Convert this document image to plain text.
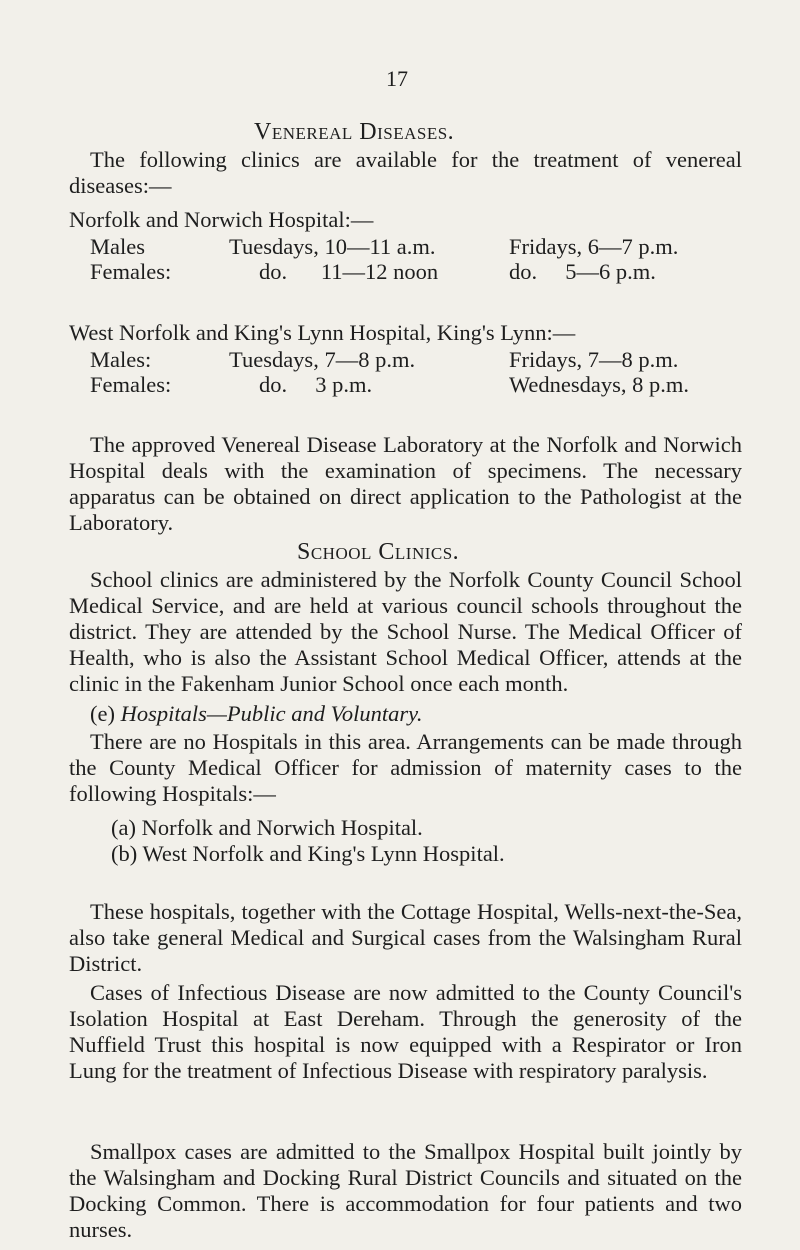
17
Venereal Diseases.
The following clinics are available for the treatment of venereal diseases:—
Norfolk and Norwich Hospital:—
Males	Tuesdays, 10—11 a.m.	Fridays, 6—7 p.m.
Females:	do.      11—12 noon	do.     5—6 p.m.
West Norfolk and King's Lynn Hospital, King's Lynn:—
Males:	Tuesdays, 7—8 p.m.	Fridays, 7—8 p.m.
Females:	do.     3 p.m.	Wednesdays, 8 p.m.
The approved Venereal Disease Laboratory at the Norfolk and Norwich Hospital deals with the examination of specimens. The necessary apparatus can be obtained on direct application to the Pathologist at the Laboratory.
School Clinics.
School clinics are administered by the Norfolk County Council School Medical Service, and are held at various council schools throughout the district. They are attended by the School Nurse. The Medical Officer of Health, who is also the Assistant School Medical Officer, attends at the clinic in the Fakenham Junior School once each month.
(e) Hospitals—Public and Voluntary.
There are no Hospitals in this area. Arrangements can be made through the County Medical Officer for admission of maternity cases to the following Hospitals:—
(a) Norfolk and Norwich Hospital.
(b) West Norfolk and King's Lynn Hospital.
These hospitals, together with the Cottage Hospital, Wells-next-the-Sea, also take general Medical and Surgical cases from the Walsingham Rural District.
Cases of Infectious Disease are now admitted to the County Council's Isolation Hospital at East Dereham. Through the generosity of the Nuffield Trust this hospital is now equipped with a Respirator or Iron Lung for the treatment of Infectious Disease with respiratory paralysis.
Smallpox cases are admitted to the Smallpox Hospital built jointly by the Walsingham and Docking Rural District Councils and situated on the Docking Common. There is accommodation for four patients and two nurses.
